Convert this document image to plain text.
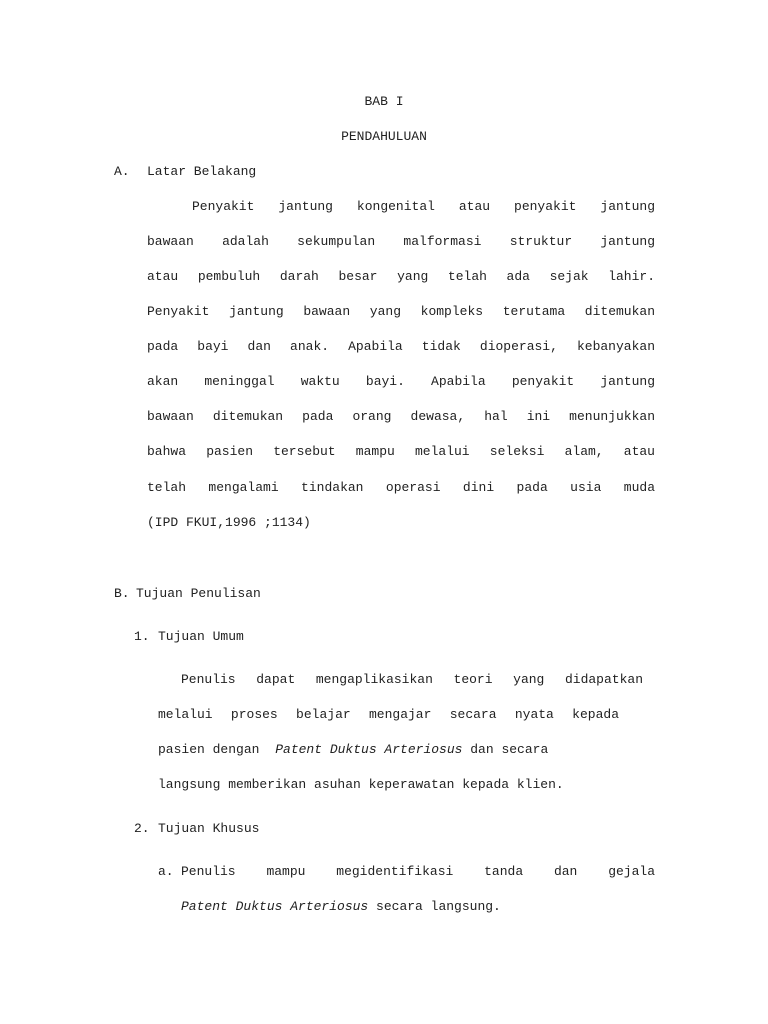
BAB I
PENDAHULUAN
A. Latar Belakang
Penyakit jantung kongenital atau penyakit jantung
bawaan adalah sekumpulan malformasi struktur jantung
atau pembuluh darah besar yang telah ada sejak lahir.
Penyakit jantung bawaan yang kompleks terutama ditemukan
pada bayi dan anak. Apabila tidak dioperasi, kebanyakan
akan meninggal waktu bayi. Apabila penyakit jantung
bawaan ditemukan pada orang dewasa, hal ini menunjukkan
bahwa pasien tersebut mampu melalui seleksi alam, atau
telah mengalami tindakan operasi dini pada usia muda
(IPD FKUI,1996 ;1134)
B. Tujuan Penulisan
1. Tujuan Umum
Penulis dapat mengaplikasikan teori yang didapatkan
melalui proses belajar mengajar secara nyata kepada
pasien dengan Patent Duktus Arteriosus dan secara
langsung memberikan asuhan keperawatan kepada klien.
2. Tujuan Khusus
a. Penulis mampu megidentifikasi tanda dan gejala
Patent Duktus Arteriosus secara langsung.
